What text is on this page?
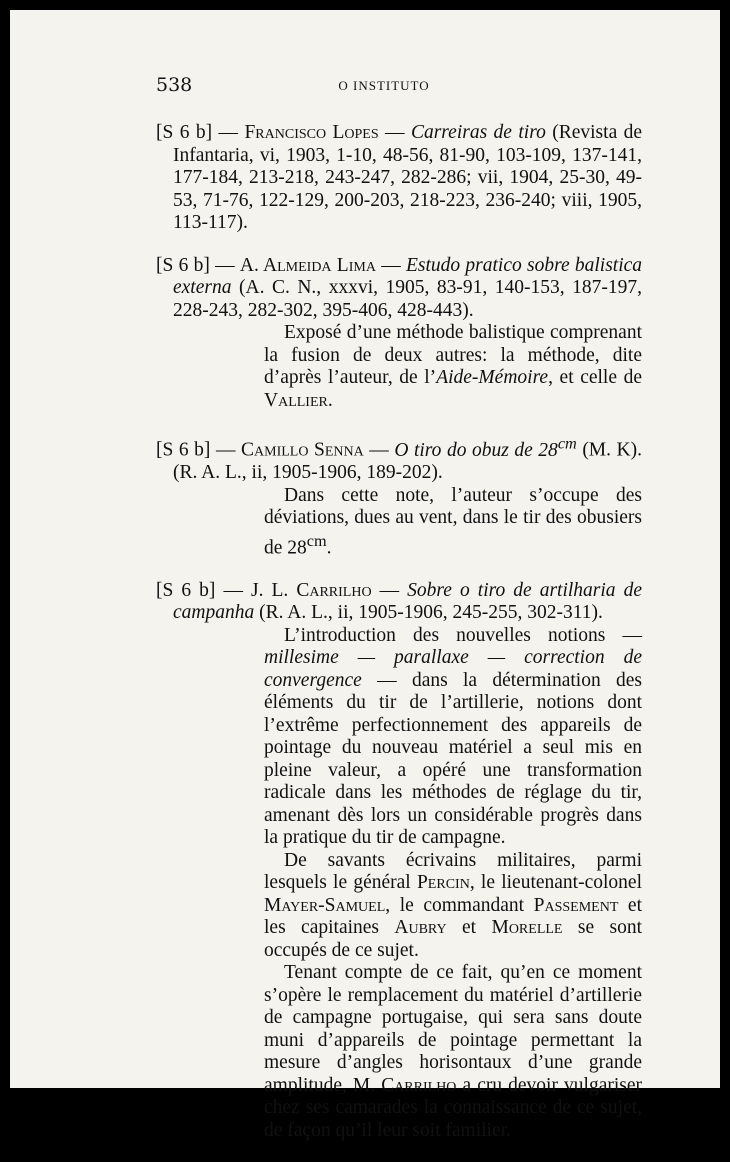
538	O INSTITUTO

[S 6 b] — Francisco Lopes — Carreiras de tiro (Revista de Infantaria, vi, 1903, 1-10, 48-56, 81-90, 103-109, 137-141, 177-184, 213-218, 243-247, 282-286; vii, 1904, 25-30, 49-53, 71-76, 122-129, 200-203, 218-223, 236-240; viii, 1905, 113-117).

[S 6 b] — A. Almeida Lima — Estudo pratico sobre balistica externa (A. C. N., xxxvi, 1905, 83-91, 140-153, 187-197, 228-243, 282-302, 395-406, 428-443).

Exposé d’une méthode balistique comprenant la fusion de deux autres: la méthode, dite d’après l’auteur, de l’Aide-Mémoire, et celle de Vallier.

[S 6 b] — Camillo Senna — O tiro do obuz de $28^{cm}$ (M. K). (R. A. L., ii, 1905-1906, 189-202).

Dans cette note, l’auteur s’occupe des déviations, dues au vent, dans le tir des obusiers de $28^{cm}$.

[S 6 b] — J. L. Carrilho — Sobre o tiro de artilharia de campanha (R. A. L., ii, 1905-1906, 245-255, 302-311).

L’introduction des nouvelles notions — millesime — parallaxe — correction de convergence — dans la détermination des éléments du tir de l’artillerie, notions dont l’extrême perfectionnement des appareils de pointage du nouveau matériel a seul mis en pleine valeur, a opéré une transformation radicale dans les méthodes de réglage du tir, amenant dès lors un considérable progrès dans la pratique du tir de campagne.

De savants écrivains militaires, parmi lesquels le général Percin, le lieutenant-colonel Mayer-Samuel, le commandant Passement et les capitaines Aubry et Morelle se sont occupés de ce sujet.

Tenant compte de ce fait, qu’en ce moment s’opère le remplacement du matériel d’artillerie de campagne portugaise, qui sera sans doute muni d’appareils de pointage permettant la mesure d’angles horisontaux d’une grande amplitude, M. Carrilho a cru devoir vulgariser chez ses camarades la connaissance de ce sujet, de façon qu’il leur soit familier.
